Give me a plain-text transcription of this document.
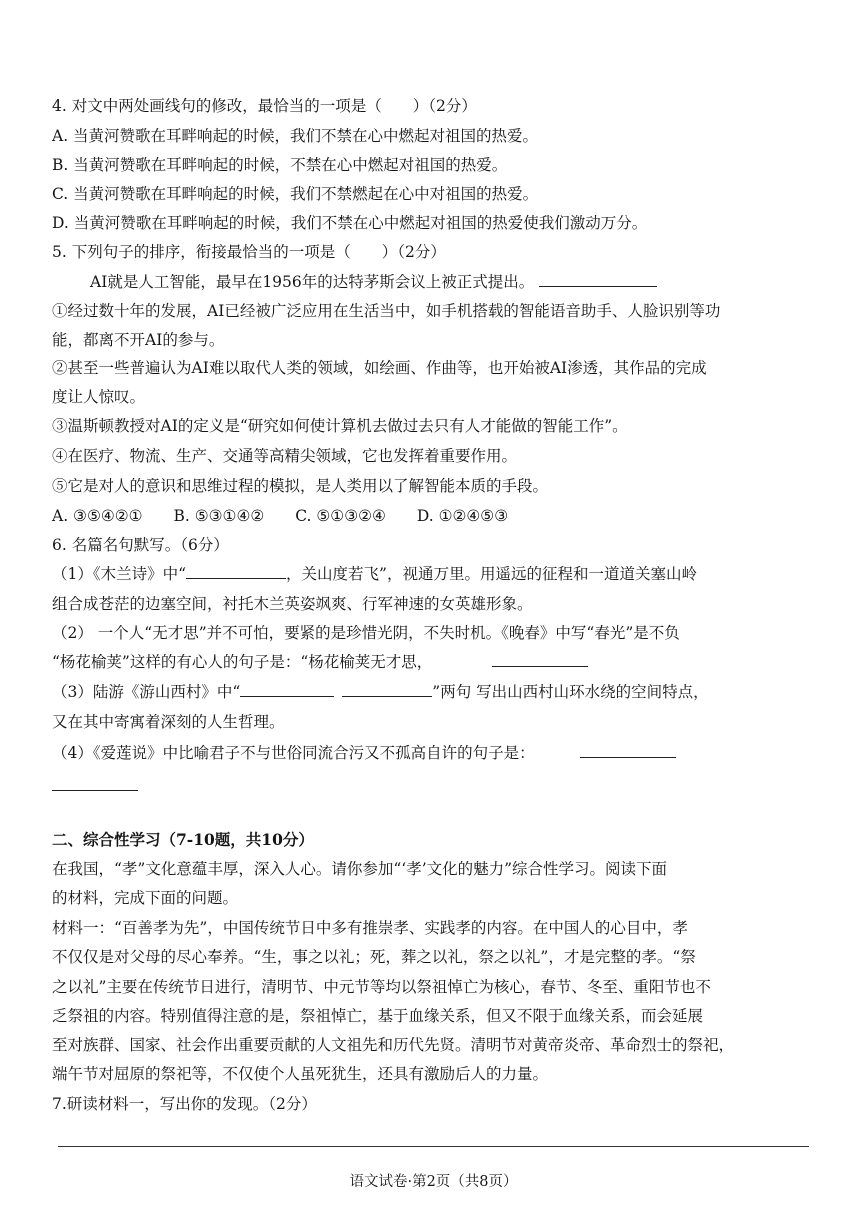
4. 对文中两处画线句的修改，最恰当的一项是（　　）（2分）
A. 当黄河赞歌在耳畔响起的时候，我们不禁在心中燃起对祖国的热爱。
B. 当黄河赞歌在耳畔响起的时候，不禁在心中燃起对祖国的热爱。
C. 当黄河赞歌在耳畔响起的时候，我们不禁燃起在心中对祖国的热爱。
D. 当黄河赞歌在耳畔响起的时候，我们不禁在心中燃起对祖国的热爱使我们激动万分。
5. 下列句子的排序，衔接最恰当的一项是（　　）（2分）
AI就是人工智能，最早在1956年的达特茅斯会议上被正式提出。
①经过数十年的发展，AI已经被广泛应用在生活当中，如手机搭载的智能语音助手、人脸识别等功
能，都离不开AI的参与。
②甚至一些普遍认为AI难以取代人类的领域，如绘画、作曲等，也开始被AI渗透，其作品的完成
度让人惊叹。
③温斯顿教授对AI的定义是“研究如何使计算机去做过去只有人才能做的智能工作”。
④在医疗、物流、生产、交通等高精尖领域，它也发挥着重要作用。
⑤它是对人的意识和思维过程的模拟，是人类用以了解智能本质的手段。
A. ③⑤④②①　　B. ⑤③①④②　　C. ⑤①③②④　　D. ①②④⑤③
6. 名篇名句默写。（6分）
（1）《木兰诗》中“	，关山度若飞”，视通万里。用遥远的征程和一道道关塞山岭
组合成苍茫的边塞空间，衬托木兰英姿飒爽、行军神速的女英雄形象。
（2） 一个人“无才思”并不可怕，要紧的是珍惜光阴，不失时机。《晚春》中写“春光”是不负
“杨花榆荚”这样的有心人的句子是：“杨花榆荚无才思，
（3）陆游《游山西村》中“	”两句 写出山西村山环水绕的空间特点，
又在其中寄寓着深刻的人生哲理。
（4）《爱莲说》中比喻君子不与世俗同流合污又不孤高自许的句子是：
二、综合性学习（7-10题，共10分）
在我国，“孝”文化意蕴丰厚，深入人心。请你参加“‘孝’文化的魅力”综合性学习。阅读下面
的材料，完成下面的问题。
材料一：“百善孝为先”，中国传统节日中多有推崇孝、实践孝的内容。在中国人的心目中，孝
不仅仅是对父母的尽心奉养。“生，事之以礼；死，葬之以礼，祭之以礼”，才是完整的孝。“祭
之以礼”主要在传统节日进行，清明节、中元节等均以祭祖悼亡为核心，春节、冬至、重阳节也不
乏祭祖的内容。特别值得注意的是，祭祖悼亡，基于血缘关系，但又不限于血缘关系，而会延展
至对族群、国家、社会作出重要贡献的人文祖先和历代先贤。清明节对黄帝炎帝、革命烈士的祭祀，
端午节对屈原的祭祀等，不仅使个人虽死犹生，还具有激励后人的力量。
7.研读材料一，写出你的发现。（2分）
语文试卷·第2页（共8页）
